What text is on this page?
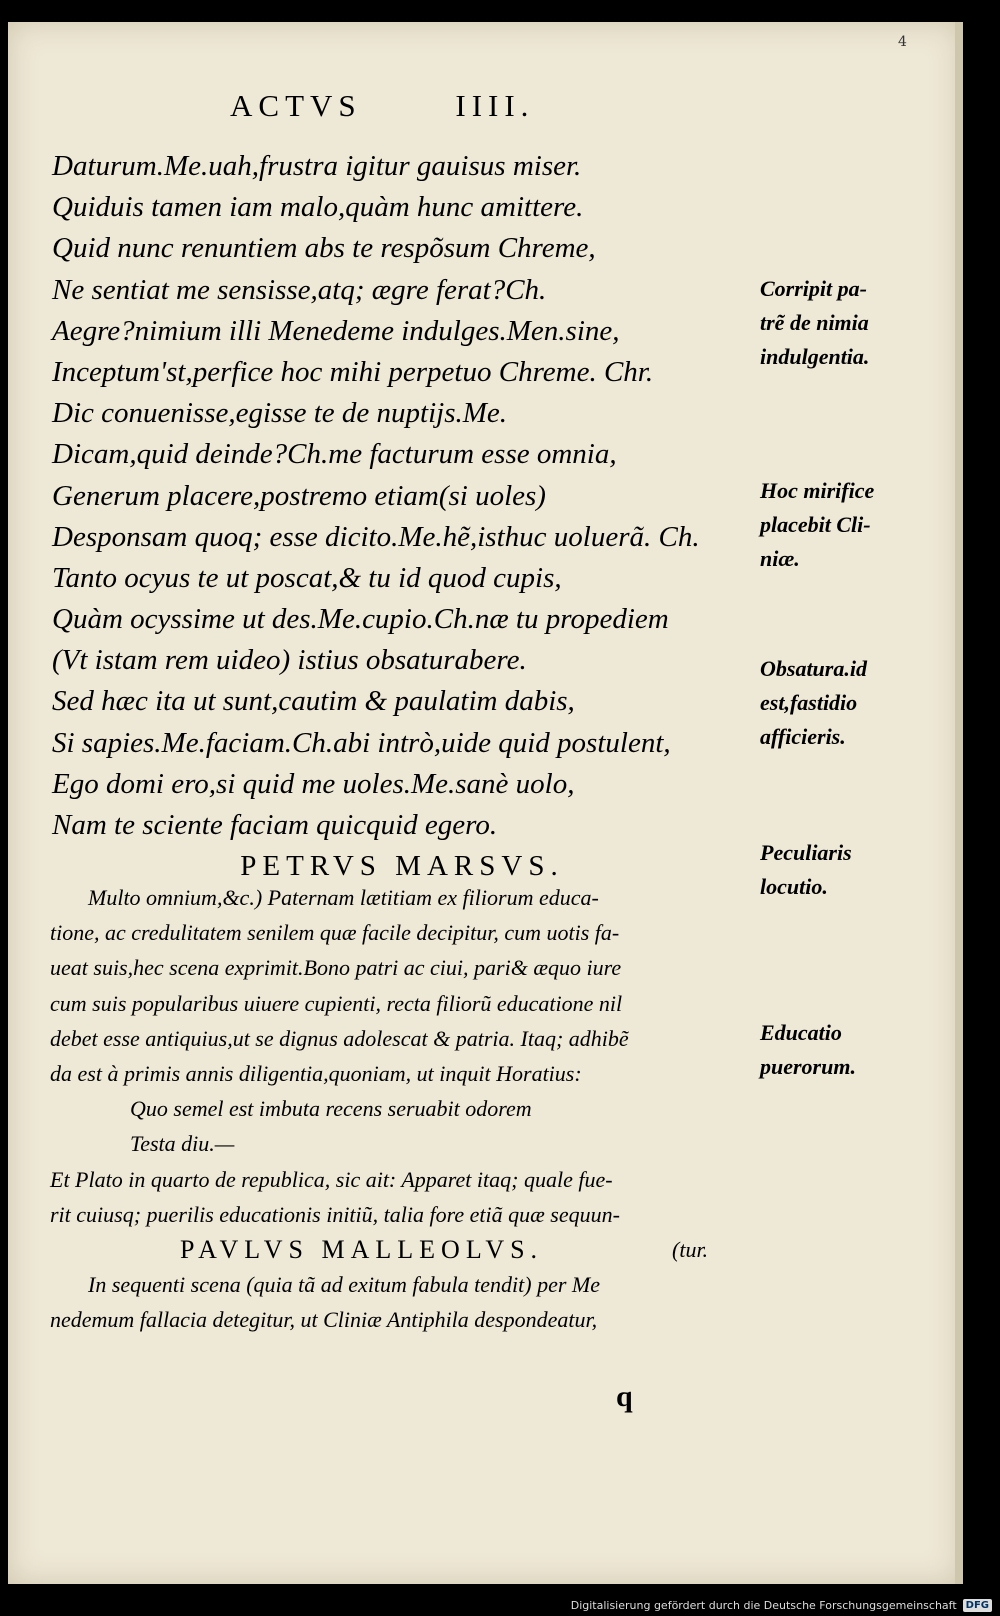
4
ACTVS	IIII.
Daturum.Me.uah,frustra igitur gauisus miser.
Quiduis tamen iam malo,quàm hunc amittere.
Quid nunc renuntiem abs te respõsum Chreme,
Ne sentiat me sensisse,atq; ægre ferat?Ch.
Aegre?nimium illi Menedeme indulges.Men.sine,
Inceptum'st,perfice hoc mihi perpetuo Chreme. Chr.
Dic conuenisse,egisse te de nuptijs.Me.
Dicam,quid deinde?Ch.me facturum esse omnia,
Generum placere,postremo etiam(si uoles)
Desponsam quoq; esse dicito.Me.hẽ,isthuc uoluerã. Ch.
Tanto ocyus te ut poscat,& tu id quod cupis,
Quàm ocyssime ut des.Me.cupio.Ch.næ tu propediem
(Vt istam rem uideo) istius obsaturabere.
Sed hæc ita ut sunt,cautim & paulatim dabis,
Si sapies.Me.faciam.Ch.abi intrò,uide quid postulent,
Ego domi ero,si quid me uoles.Me.sanè uolo,
Nam te sciente faciam quicquid egero.
PETRVS MARSVS.
Multo omnium,&c.) Paternam lætitiam ex filiorum educa-
tione, ac credulitatem senilem quæ facile decipitur, cum uotis fa-
ueat suis,hec scena exprimit.Bono patri ac ciui, pari& æquo iure
cum suis popularibus uiuere cupienti, recta filiorũ educatione nil
debet esse antiquius,ut se dignus adolescat & patria. Itaq; adhibẽ
da est à primis annis diligentia,quoniam, ut inquit Horatius:
Quo semel est imbuta recens seruabit odorem
Testa diu.—
Et Plato in quarto de republica, sic ait: Apparet itaq; quale fue-
rit cuiusq; puerilis educationis initiũ, talia fore etiã quæ sequun-
PAVLVS MALLEOLVS.	(tur.
In sequenti scena (quia tã ad exitum fabula tendit) per Me
nedemum fallacia detegitur, ut Cliniæ Antiphila despondeatur,
q
Corripit pa-
trẽ de nimia
indulgentia.
Hoc mirifice
placebit Cli-
niæ.
Obsatura.id
est,fastidio
afficieris.
Peculiaris
locutio.
Educatio
puerorum.
Digitalisierung gefördert durch die Deutsche Forschungsgemeinschaft DFG
